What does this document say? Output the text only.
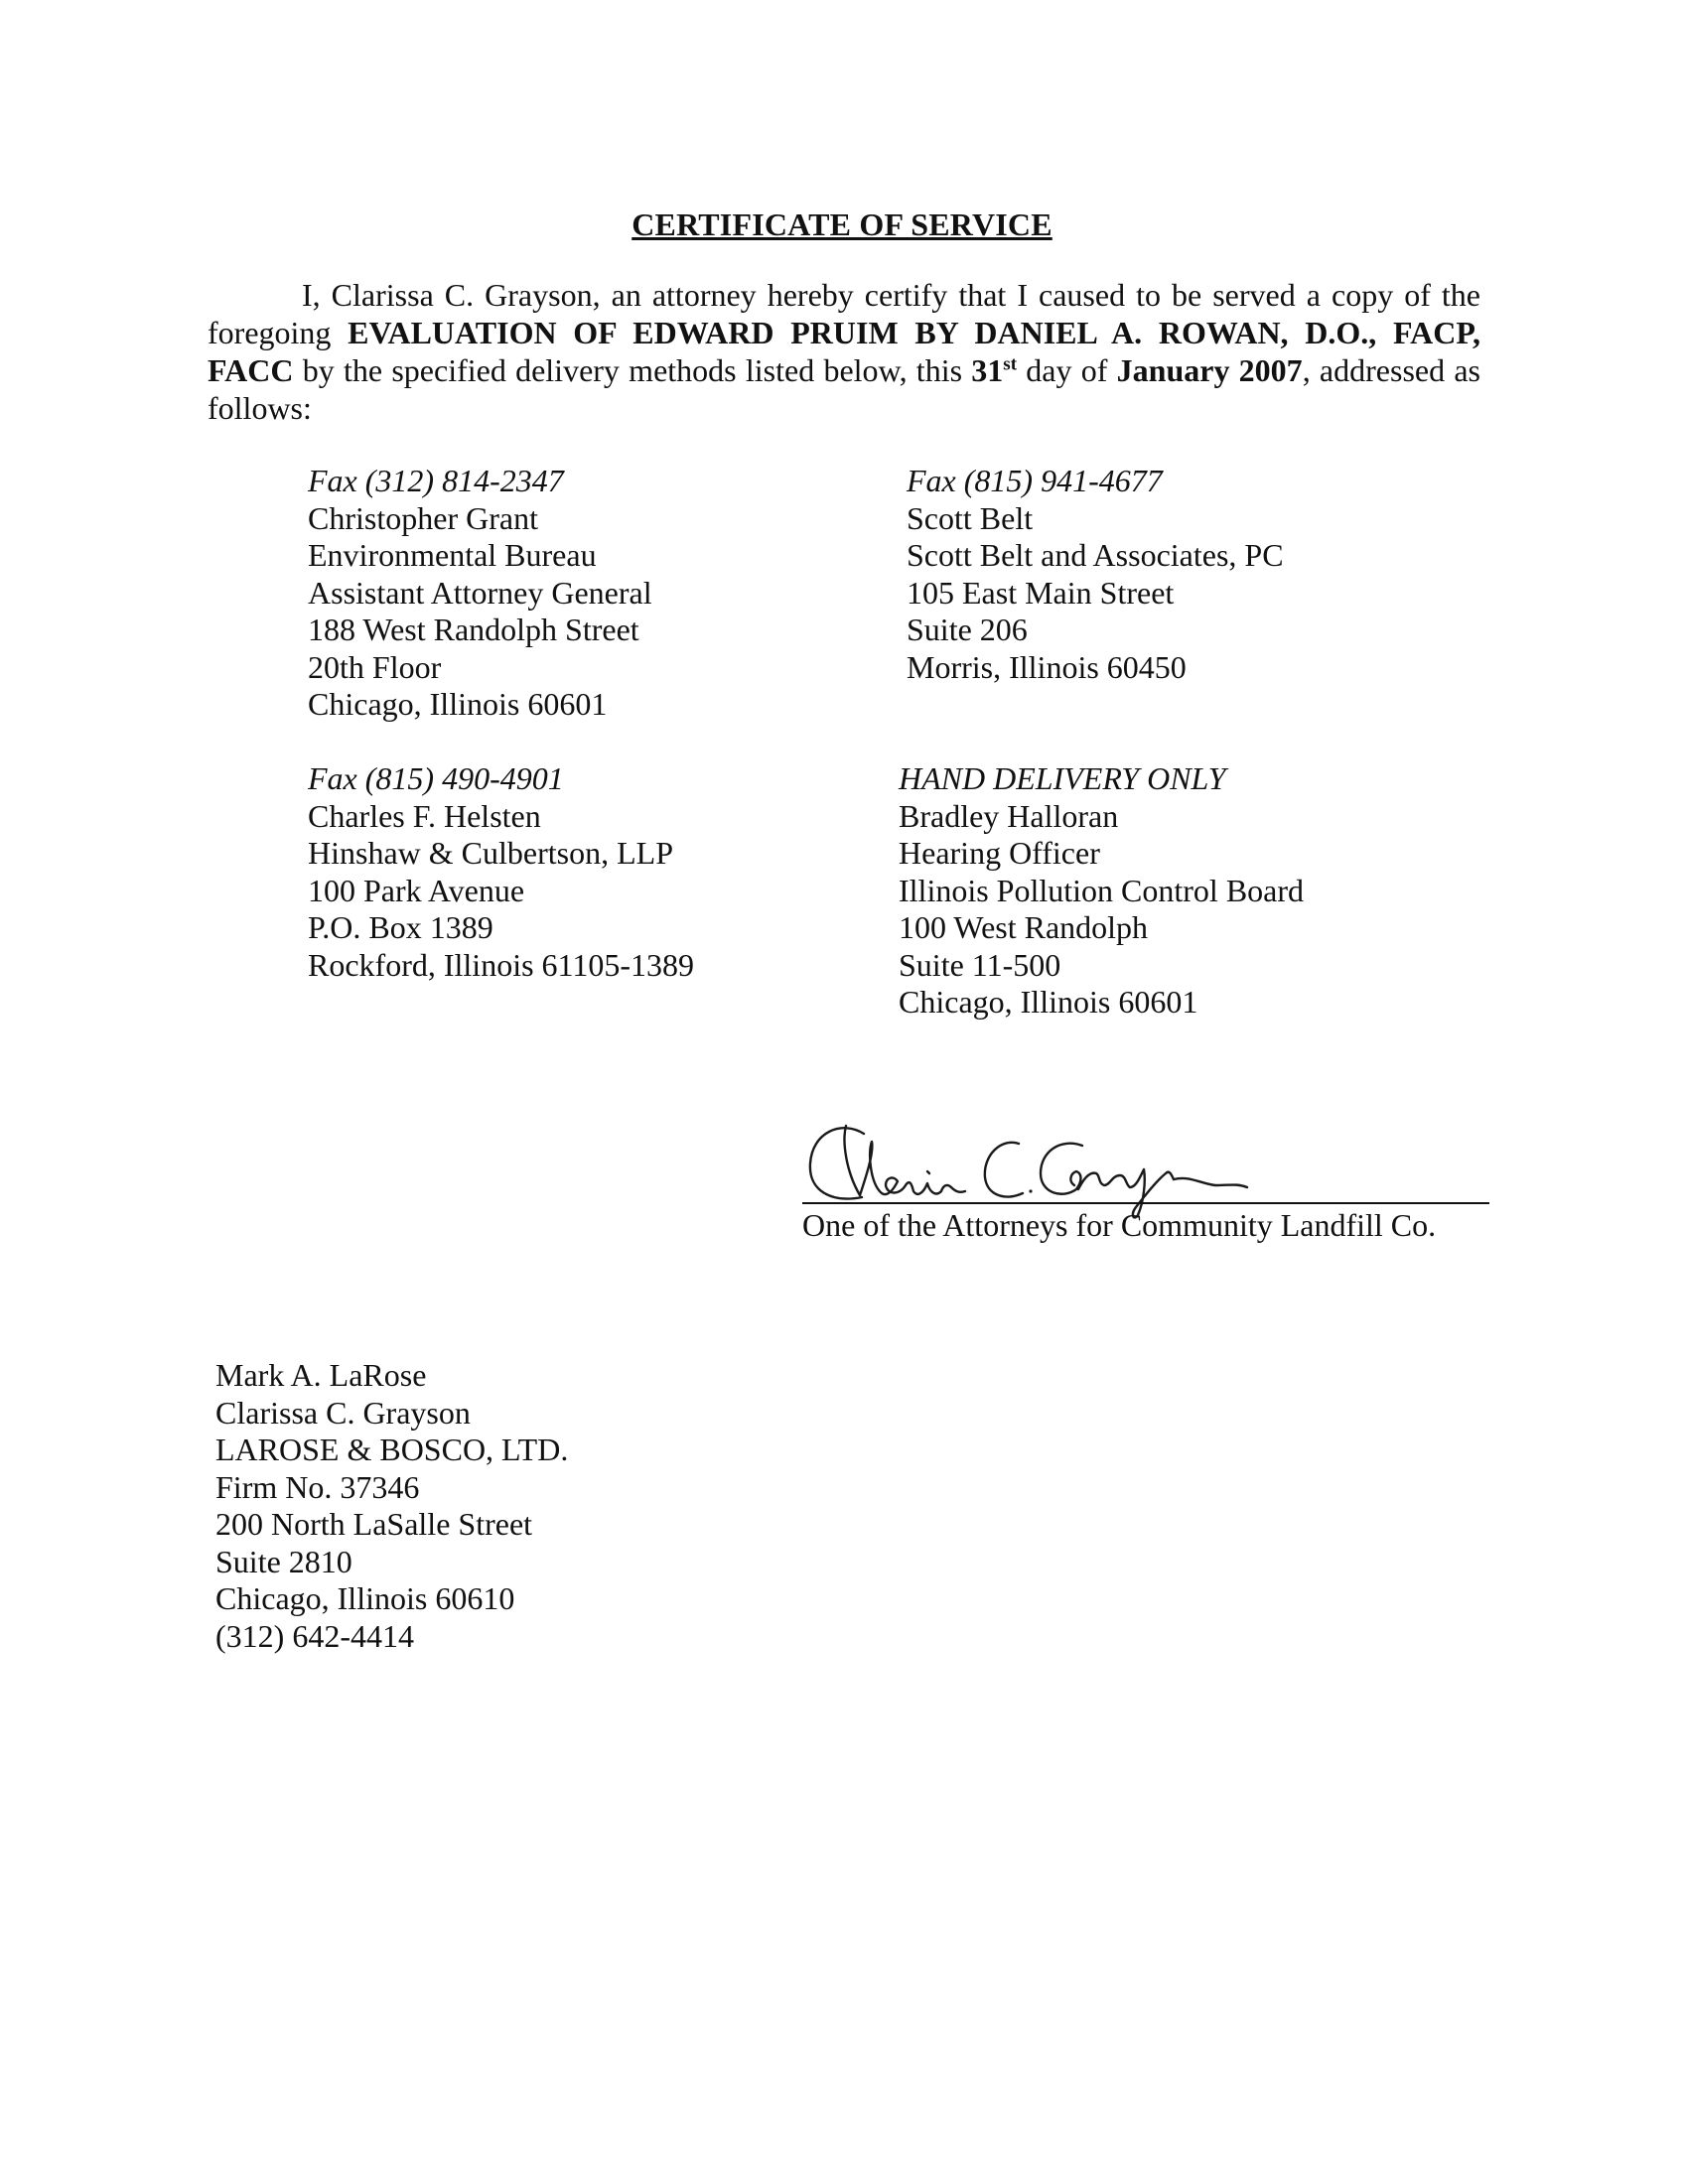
CERTIFICATE OF SERVICE
I, Clarissa C. Grayson, an attorney hereby certify that I caused to be served a copy of the foregoing EVALUATION OF EDWARD PRUIM BY DANIEL A. ROWAN, D.O., FACP, FACC by the specified delivery methods listed below, this 31st day of January 2007, addressed as follows:
Fax (312) 814-2347
Christopher Grant
Environmental Bureau
Assistant Attorney General
188 West Randolph Street
20th Floor
Chicago, Illinois 60601
Fax (815) 941-4677
Scott Belt
Scott Belt and Associates, PC
105 East Main Street
Suite 206
Morris, Illinois 60450
Fax (815) 490-4901
Charles F. Helsten
Hinshaw & Culbertson, LLP
100 Park Avenue
P.O. Box 1389
Rockford, Illinois 61105-1389
HAND DELIVERY ONLY
Bradley Halloran
Hearing Officer
Illinois Pollution Control Board
100 West Randolph
Suite 11-500
Chicago, Illinois 60601
One of the Attorneys for Community Landfill Co.
Mark A. LaRose
Clarissa C. Grayson
LAROSE & BOSCO, LTD.
Firm No. 37346
200 North LaSalle Street
Suite 2810
Chicago, Illinois 60610
(312) 642-4414
